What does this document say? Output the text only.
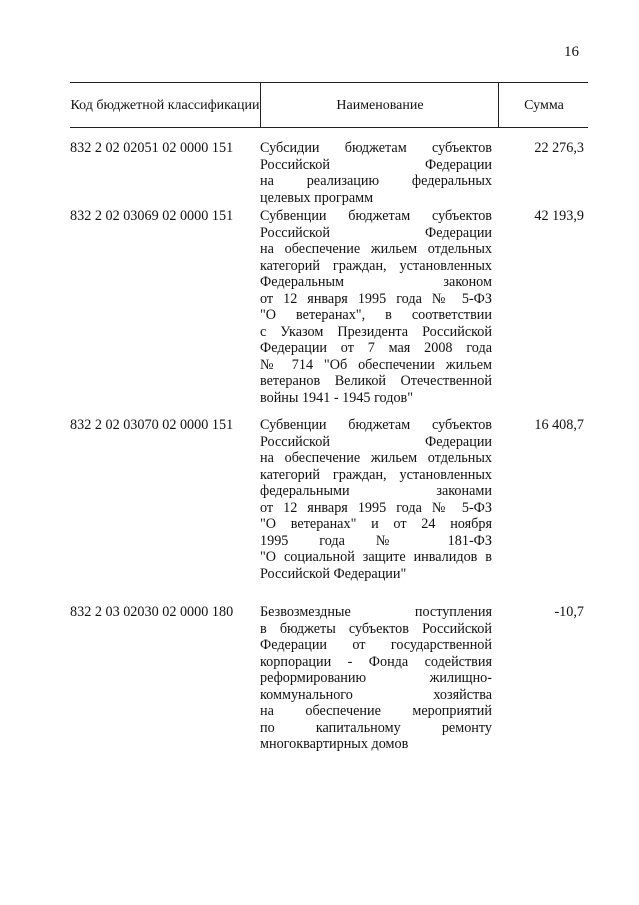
16
Код бюджетной классификации	Наименование	Сумма
832 2 02 02051 02 0000 151 Субсидии бюджетам субъектов
Российской Федерации
на реализацию федеральных
целевых программ
22 276,3
832 2 02 03069 02 0000 151 Субвенции бюджетам субъектов
Российской Федерации
на обеспечение жильем отдельных
категорий граждан, установленных
Федеральным законом
от 12 января 1995 года № 5-ФЗ
"О ветеранах", в соответствии
с Указом Президента Российской
Федерации от 7 мая 2008 года
№ 714 "Об обеспечении жильем
ветеранов Великой Отечественной
войны 1941 - 1945 годов"
42 193,9
832 2 02 03070 02 0000 151 Субвенции бюджетам субъектов
Российской Федерации
на обеспечение жильем отдельных
категорий граждан, установленных
федеральными законами
от 12 января 1995 года № 5-ФЗ
"О ветеранах" и от 24 ноября
1995 года № 181-ФЗ
"О социальной защите инвалидов в
Российской Федерации"
16 408,7
832 2 03 02030 02 0000 180 Безвозмездные поступления
в бюджеты субъектов Российской
Федерации от государственной
корпорации - Фонда содействия
реформированию жилищно-
коммунального хозяйства
на обеспечение мероприятий
по капитальному ремонту
многоквартирных домов
-10,7
